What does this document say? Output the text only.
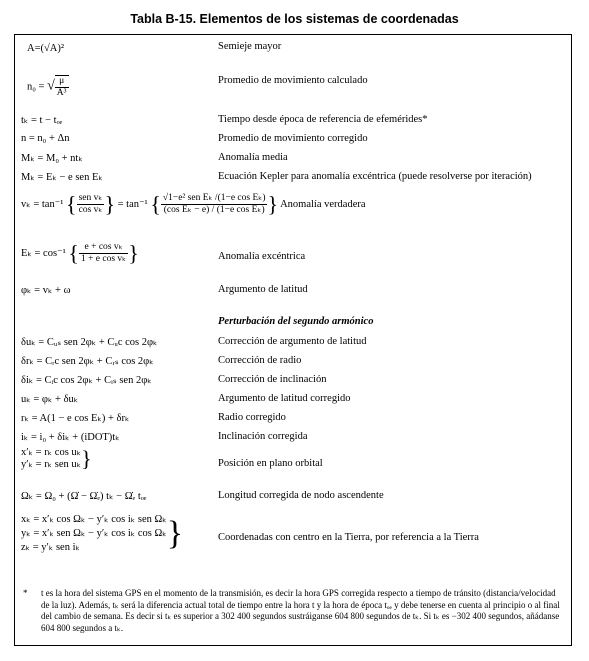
Tabla B-15. Elementos de los sistemas de coordenadas
A=(√A)²	Semieje mayor
n₀ = √ $\frac{\mu}{\text{A³}}$	Promedio de movimiento calculado
tₖ = t − tₒₑ	Tiempo desde época de referencia de efemérides*
n = n₀ + Δn	Promedio de movimiento corregido
Mₖ = M₀ + ntₖ	Anomalía media
Mₖ = Eₖ − e sen Eₖ	Ecuación Kepler para anomalía excéntrica (puede resolverse por iteración)
vₖ = tan⁻¹ { $\frac{\text{sen vₖ}}{\text{cos vₖ}}$ } = tan⁻¹ { $\frac{\text{√1−e² sen Eₖ /(1−e cos Eₖ)}}{\text{(cos Eₖ − e) / (1−e cos Eₖ)}}$ } Anomalía verdadera
Eₖ = cos⁻¹ { $\frac{\text{e + cos vₖ}}{\text{1 + e cos vₖ}}$ }	Anomalía excéntrica
φₖ = vₖ + ω	Argumento de latitud
Perturbación del segundo armónico
δuₖ = Cᵤₛ sen 2φₖ + Cᵤc cos 2φₖ	Corrección de argumento de latitud
δrₖ = Cᵣc sen 2φₖ + Cᵣₛ cos 2φₖ	Corrección de radio
δiₖ = Cᵢc cos 2φₖ + Cᵢₛ sen 2φₖ	Corrección de inclinación
uₖ = φₖ + δuₖ	Argumento de latitud corregido
rₖ = A(1 − e cos Eₖ) + δrₖ	Radio corregido
iₖ = i₀ + δiₖ + (iDOT)tₖ	Inclinación corregida
x′ₖ = rₖ cos uₖ
y′ₖ = rₖ sen uₖ}	Posición en plano orbital
Ωₖ = Ω₀ + (Ω̇ − Ω̇ₑ) tₖ − Ω̇ₑ tₒₑ	Longitud corregida de nodo ascendente
xₖ = x′ₖ cos Ωₖ − y′ₖ cos iₖ sen Ωₖ
yₖ = x′ₖ sen Ωₖ − y′ₖ cos iₖ cos Ωₖ
zₖ = y′ₖ sen iₖ	}	Coordenadas con centro en la Tierra, por referencia a la Tierra
* t es la hora del sistema GPS en el momento de la transmisión, es decir la hora GPS corregida respecto a tiempo de tránsito (distancia/velocidad de la luz). Además, tₖ será la diferencia actual total de tiempo entre la hora t y la hora de época tₒₑ y debe tenerse en cuenta al principio o al final del cambio de semana. Es decir si tₖ es superior a 302 400 segundos sustráiganse 604 800 segundos de tₖ. Si tₖ es −302 400 segundos, añádanse 604 800 segundos a tₖ.
